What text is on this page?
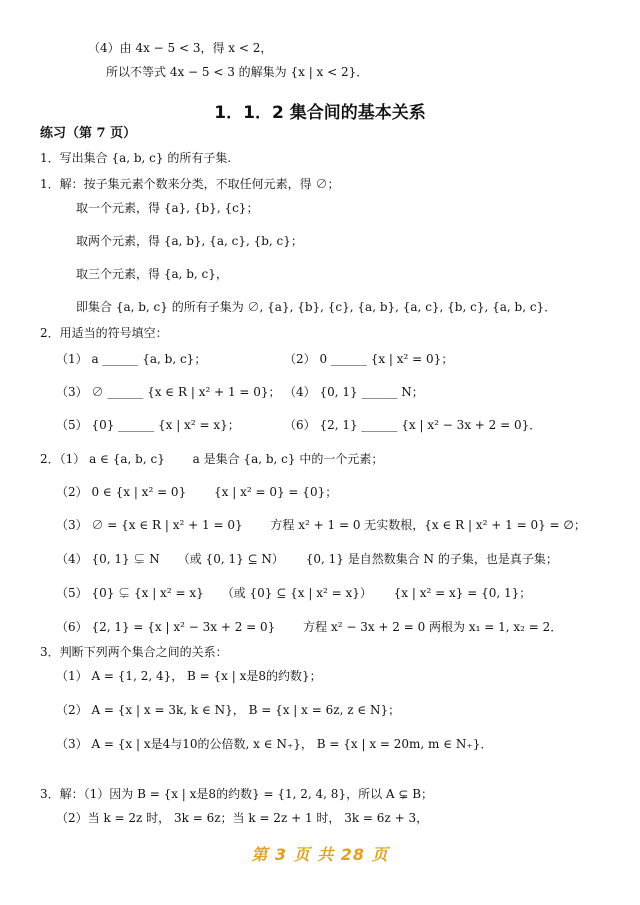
（4）由 4x − 5 < 3，得 x < 2，
所以不等式 4x − 5 < 3 的解集为 {x | x < 2}．
1．1．2 集合间的基本关系
练习（第 7 页）
1．写出集合 {a, b, c} 的所有子集.
1．解：按子集元素个数来分类，不取任何元素，得 ∅；
取一个元素，得 {a}, {b}, {c}；
取两个元素，得 {a, b}, {a, c}, {b, c}；
取三个元素，得 {a, b, c}，
即集合 {a, b, c} 的所有子集为 ∅, {a}, {b}, {c}, {a, b}, {a, c}, {b, c}, {a, b, c}．
2．用适当的符号填空：
（1） a ______ {a, b, c}；	（2） 0 ______ {x | x² = 0}；
（3） ∅ ______ {x ∈ R | x² + 1 = 0}； （4） {0, 1} ______ N；
（5） {0} ______ {x | x² = x}；	（6） {2, 1} ______ {x | x² − 3x + 2 = 0}．
2．（1） a ∈ {a, b, c}　　 a 是集合 {a, b, c} 中的一个元素；
（2） 0 ∈ {x | x² = 0}　　 {x | x² = 0} = {0}；
（3） ∅ = {x ∈ R | x² + 1 = 0}　　 方程 x² + 1 = 0 无实数根，{x ∈ R | x² + 1 = 0} = ∅；
（4） {0, 1} ⊊ N　　（或 {0, 1} ⊆ N）　　 {0, 1} 是自然数集合 N 的子集，也是真子集；
（5） {0} ⊊ {x | x² = x}　　（或 {0} ⊆ {x | x² = x}）　　 {x | x² = x} = {0, 1}；
（6） {2, 1} = {x | x² − 3x + 2 = 0}　　 方程 x² − 3x + 2 = 0 两根为 x₁ = 1, x₂ = 2．
3．判断下列两个集合之间的关系：
（1） A = {1, 2, 4}， B = {x | x是8的约数}；
（2） A = {x | x = 3k, k ∈ N}， B = {x | x = 6z, z ∈ N}；
（3） A = {x | x是4与10的公倍数, x ∈ N₊}， B = {x | x = 20m, m ∈ N₊}．
3．解：（1）因为 B = {x | x是8的约数} = {1, 2, 4, 8}，所以 A ⊊ B；
（2）当 k = 2z 时， 3k = 6z；当 k = 2z + 1 时， 3k = 6z + 3，
第 3 页 共 28 页
